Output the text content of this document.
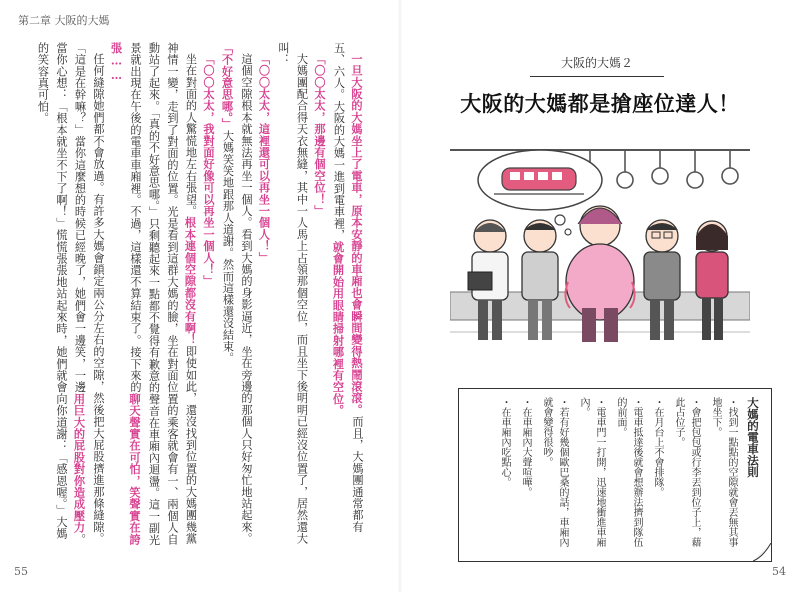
第二章 大阪的大媽

一旦大阪的大媽坐上了電車，原本安靜的車廂也會瞬間變得熱鬧滾滾。而且，大媽團通常都有五、六人。大阪的大媽一進到電車裡，就會開始用眼睛掃射哪裡有空位。

「〇〇太太，那邊有個空位！」

大媽團配合得天衣無縫，其中一人馬上占領那個空位，而且坐下後明明已經沒位置了，居然還大叫：

「〇〇太太，這裡還可以再坐一個人！」

這個空隙根本就無法再坐一個人。看到大媽的身影逼近，坐在旁邊的那個人只好匆忙地站起來。「不好意思哪。」大媽笑笑地跟那人道謝。然而這樣還沒結束。

「〇〇太太，我對面好像可以再坐一個人！」

坐在對面的人驚慌地左右張望。根本連個空隙都沒有啊！即使如此，還沒找到位置的大媽團幾黨神情一變，走到了對面的位置。光是看到這群大媽的臉，坐在對面位置的乘客就會有一、兩個人自動站了起來。「真的不好意思哪。」只剩聽起來一點都不覺得有歉意的聲音在車廂內迴盪。這一副光景就出現在午後的電車車廂裡。不過，這樣還不算結束了。接下來的聊天聲實在可怕，笑聲實在誇張……

任何縫隙她們都不會放過。有許多大媽會鎖定兩公分左右的空隙，然後把大屁股擠進那條縫隙。「這是在幹嘛？」當你這麼想的時候已經晚了，她們會一邊笑，一邊用巨大的屁股對你造成壓力。當你心想：「根本就坐不下了啊！」慌慌張張地站起來時，她們就會向你道謝：「感恩喔。」大媽的笑容真可怕。

55
大阪的大媽２
大阪的大媽都是搶座位達人！
大媽的電車法則
・ 找到一點點的空隙就會丟無其事地坐下。
・ 會把包包或行李丟到位子上，藉此占位子。
・ 在月台上不會排隊。
・ 電車抵達後就會想辦法擠到隊伍的前面。
・ 電車門一打開，迅速地衝進車廂內。
・ 若有好幾個歐巴桑的話，車廂內就會變得很吵。
・ 在車廂內大聲喧嘩。
・ 在車廂內吃點心。
54
